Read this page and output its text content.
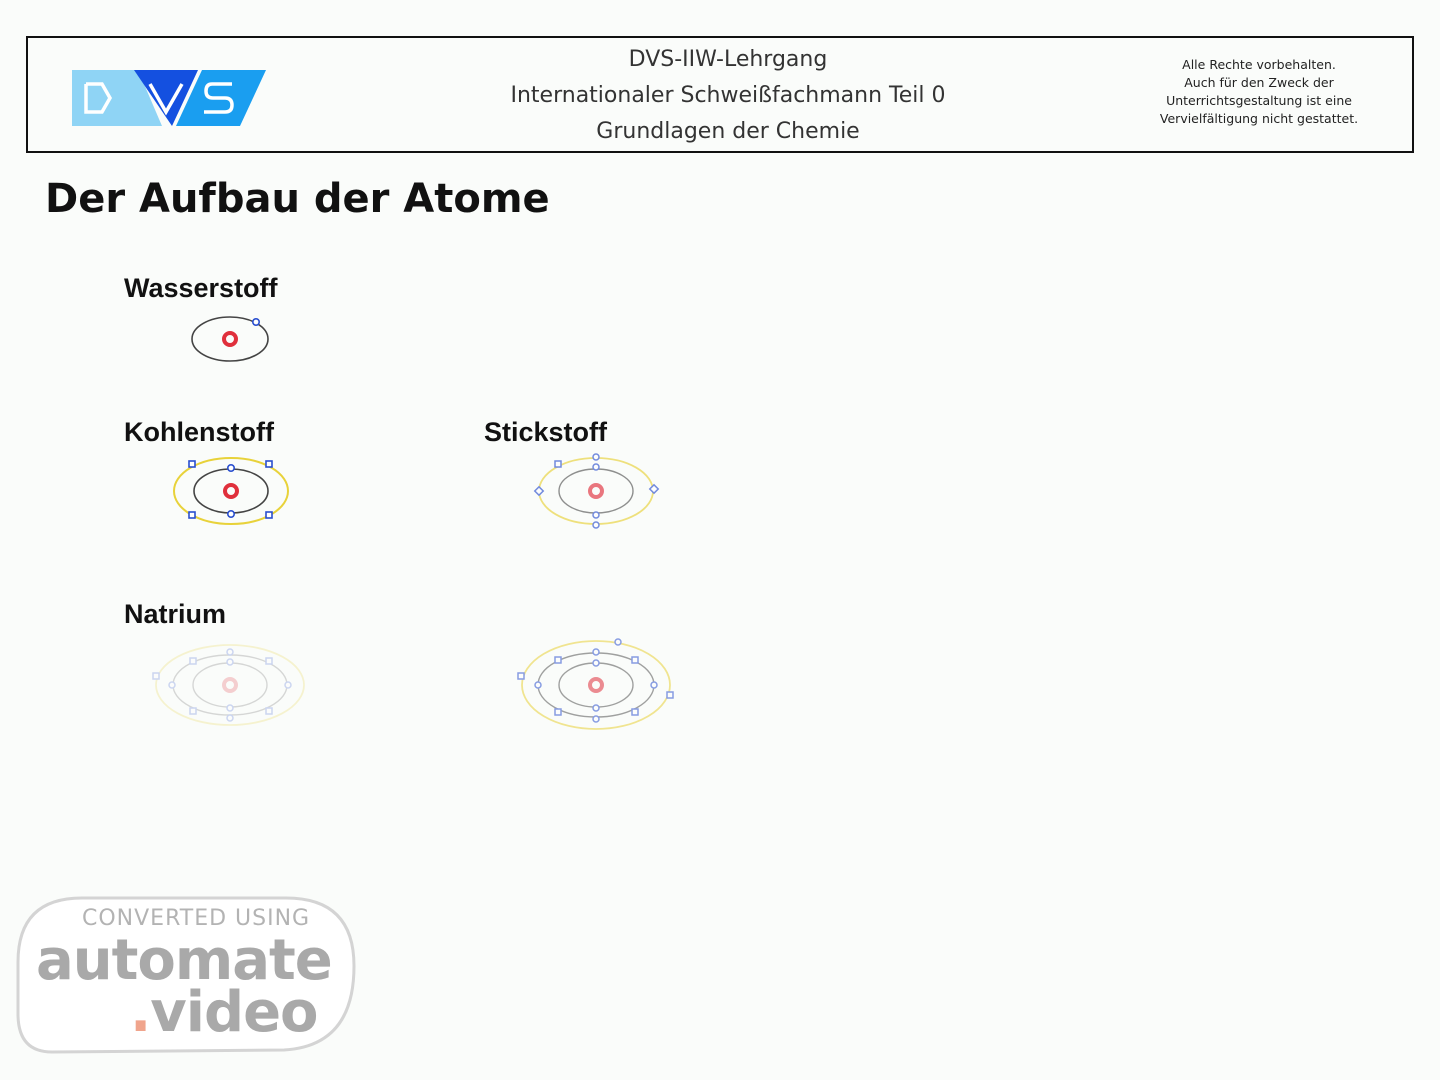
DVS-IIW-Lehrgang
Internationaler Schweißfachmann Teil 0
Grundlagen der Chemie
Alle Rechte vorbehalten.
Auch für den Zweck der
Unterrichtsgestaltung ist eine
Vervielfältigung nicht gestattet.
Der Aufbau der Atome
Wasserstoff
Kohlenstoff	Stickstoff
Natrium
CONVERTED USING
automate
.video
